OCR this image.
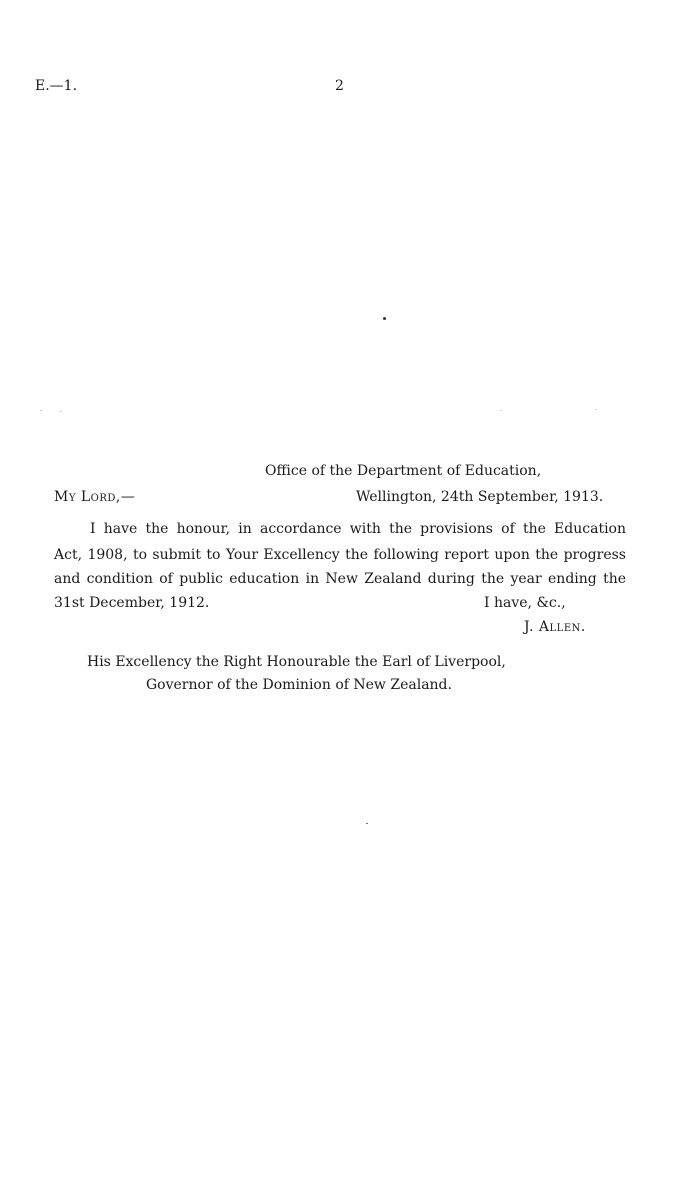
E.—1.	2
Office of the Department of Education,
My Lord,—	Wellington, 24th September, 1913.
I have the honour, in accordance with the provisions of the Education
Act, 1908, to submit to Your Excellency the following report upon the progress
and condition of public education in New Zealand during the year ending the
31st December, 1912.	I have, &c.,
J. Allen.
His Excellency the Right Honourable the Earl of Liverpool,
Governor of the Dominion of New Zealand.
